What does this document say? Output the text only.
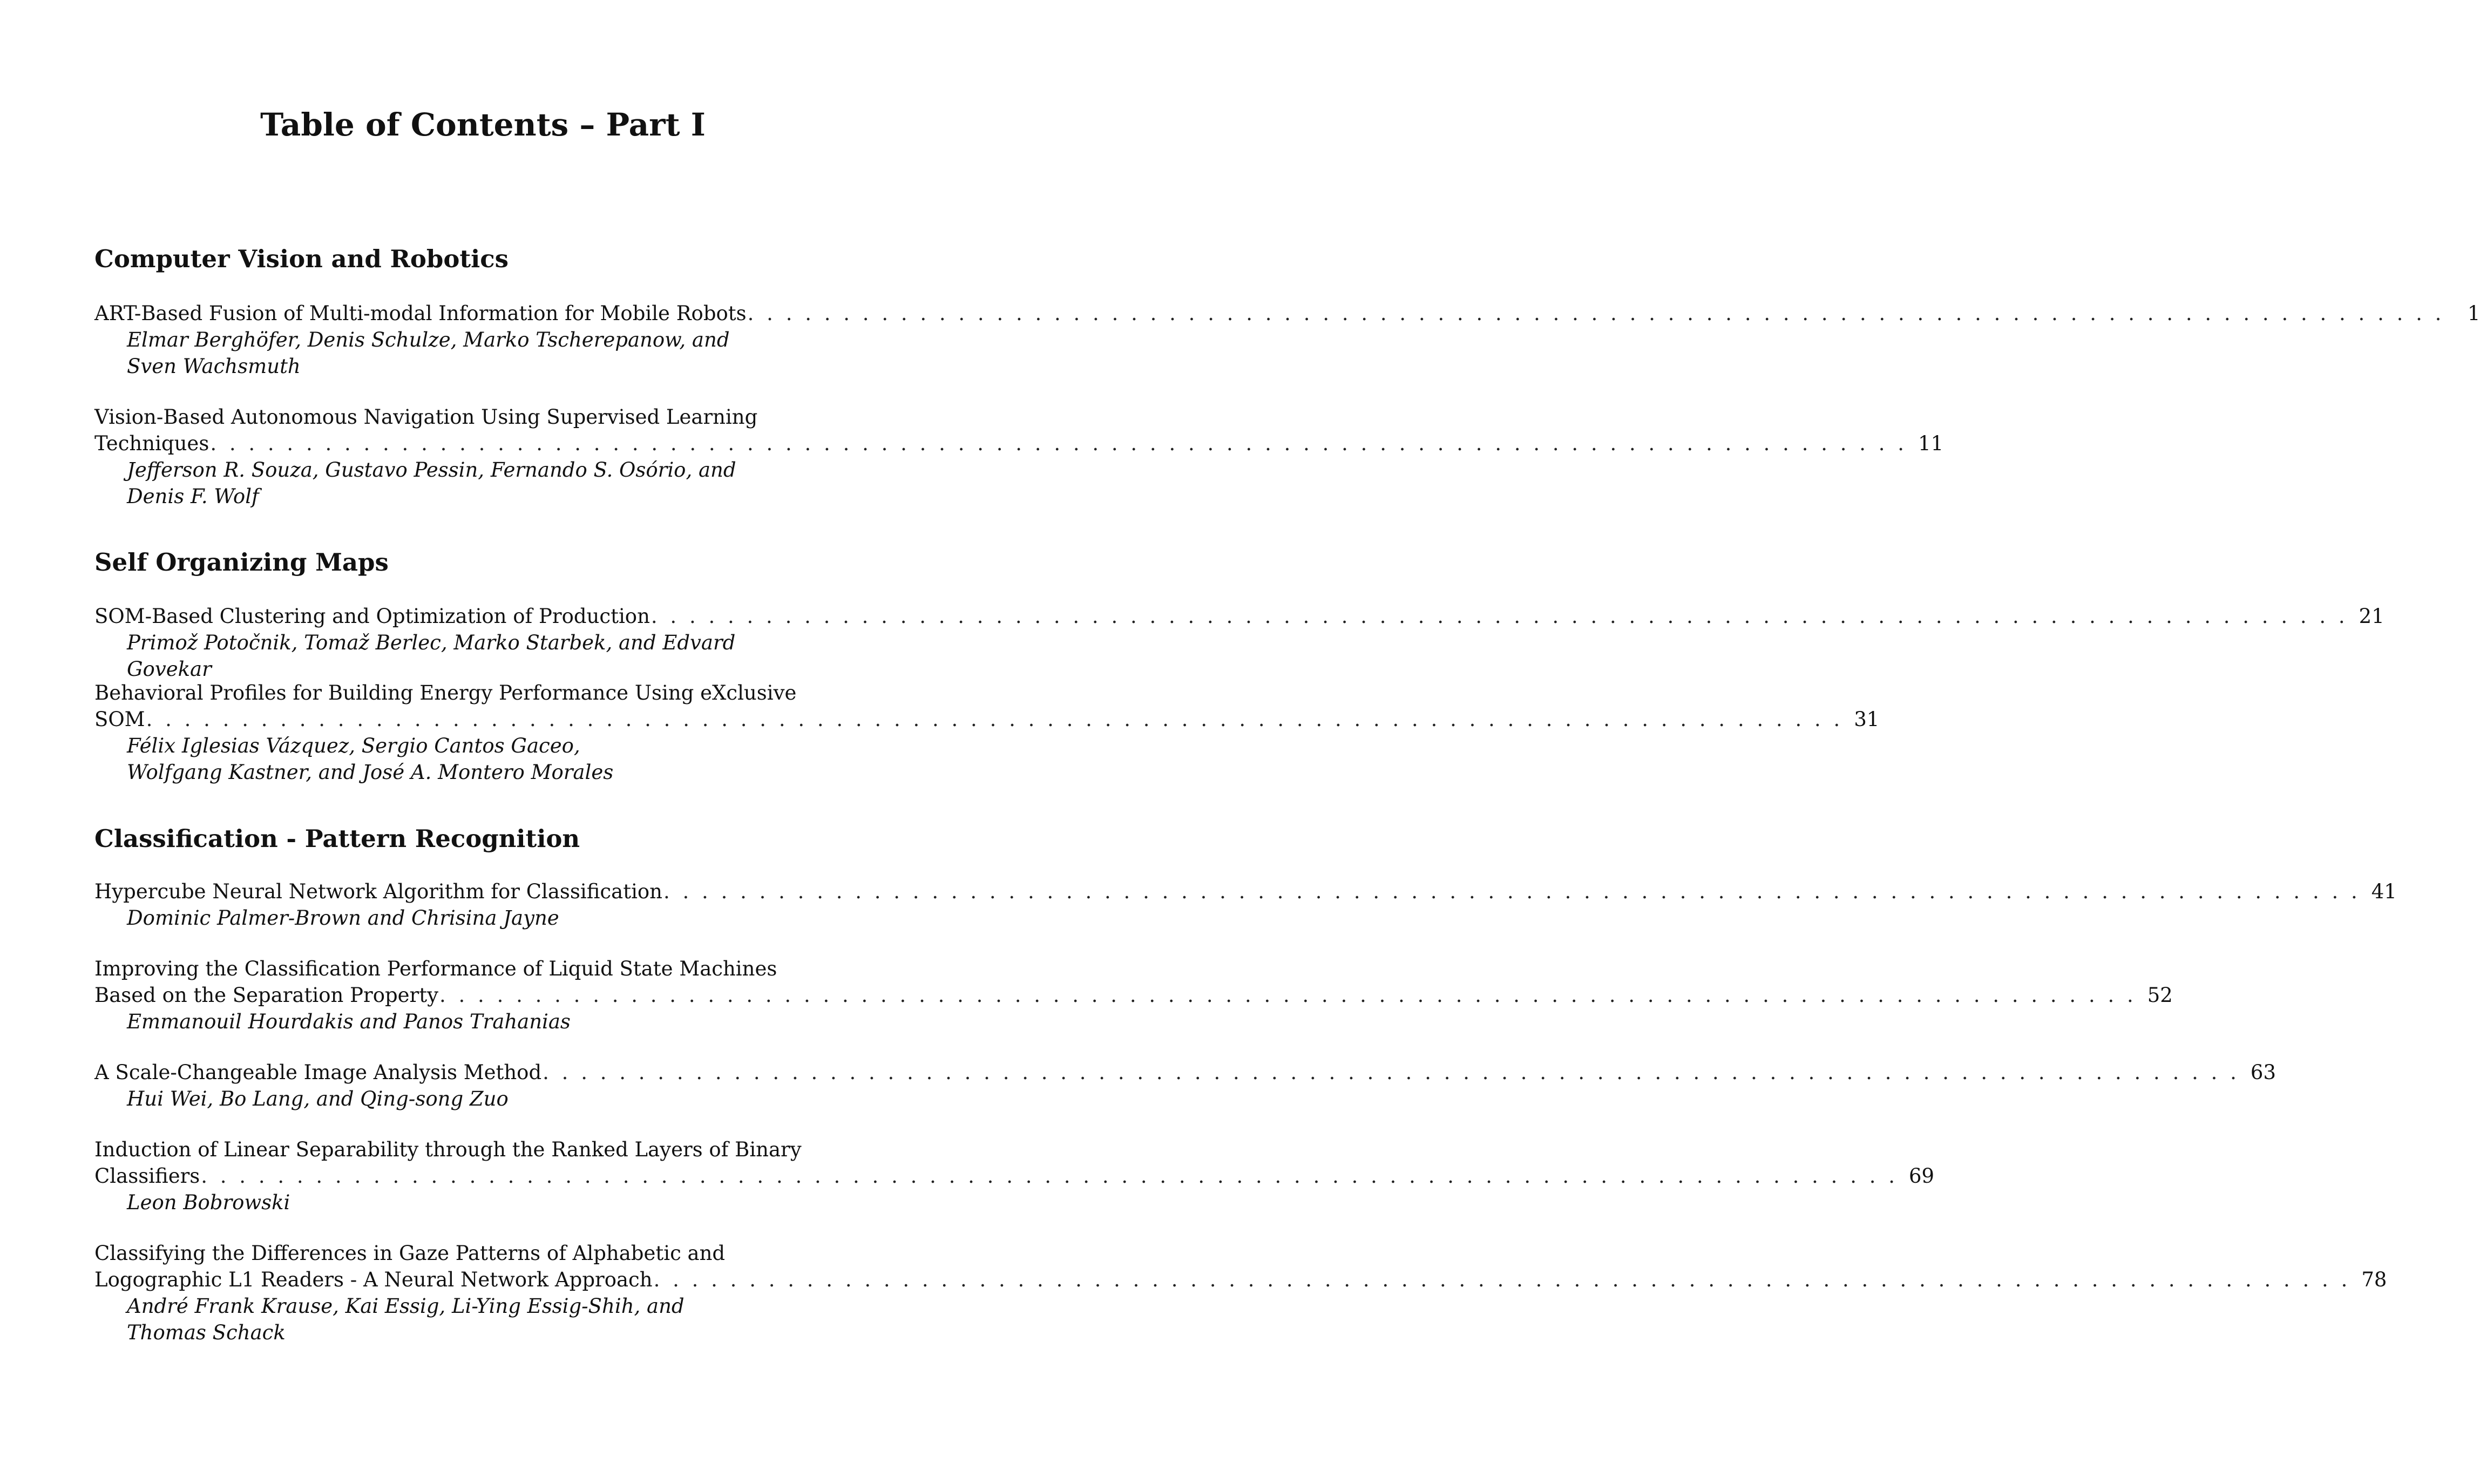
Table of Contents – Part I
Computer Vision and Robotics
ART-Based Fusion of Multi-modal Information for Mobile Robots . . . . . . . . . . . . . . . . . . . . . . . . . . . . . . . . . . . . . . . . . . . . . . . . . . . . . . . . . . . . . . . . . . . . . . . . . . . . . . . . . . . . . . . . .	1
Elmar Berghöfer, Denis Schulze, Marko Tscherepanow, and
Sven Wachsmuth
Vision-Based Autonomous Navigation Using Supervised Learning
Techniques . . . . . . . . . . . . . . . . . . . . . . . . . . . . . . . . . . . . . . . . . . . . . . . . . . . . . . . . . . . . . . . . . . . . . . . . . . . . . . . . . . . . . . . . . 11
Jefferson R. Souza, Gustavo Pessin, Fernando S. Osório, and
Denis F. Wolf
Self Organizing Maps
SOM-Based Clustering and Optimization of Production . . . . . . . . . . . . . . . . . . . . . . . . . . . . . . . . . . . . . . . . . . . . . . . . . . . . . . . . . . . . . . . . . . . . . . . . . . . . . . . . . . . . . . . . . 21
Primož Potočnik, Tomaž Berlec, Marko Starbek, and Edvard Govekar
Behavioral Profiles for Building Energy Performance Using eXclusive
SOM . . . . . . . . . . . . . . . . . . . . . . . . . . . . . . . . . . . . . . . . . . . . . . . . . . . . . . . . . . . . . . . . . . . . . . . . . . . . . . . . . . . . . . . . . 31
Félix Iglesias Vázquez, Sergio Cantos Gaceo,
Wolfgang Kastner, and José A. Montero Morales
Classification - Pattern Recognition
Hypercube Neural Network Algorithm for Classification . . . . . . . . . . . . . . . . . . . . . . . . . . . . . . . . . . . . . . . . . . . . . . . . . . . . . . . . . . . . . . . . . . . . . . . . . . . . . . . . . . . . . . . . . 41
Dominic Palmer-Brown and Chrisina Jayne
Improving the Classification Performance of Liquid State Machines
Based on the Separation Property . . . . . . . . . . . . . . . . . . . . . . . . . . . . . . . . . . . . . . . . . . . . . . . . . . . . . . . . . . . . . . . . . . . . . . . . . . . . . . . . . . . . . . . . . 52
Emmanouil Hourdakis and Panos Trahanias
A Scale-Changeable Image Analysis Method . . . . . . . . . . . . . . . . . . . . . . . . . . . . . . . . . . . . . . . . . . . . . . . . . . . . . . . . . . . . . . . . . . . . . . . . . . . . . . . . . . . . . . . . . 63
Hui Wei, Bo Lang, and Qing-song Zuo
Induction of Linear Separability through the Ranked Layers of Binary
Classifiers . . . . . . . . . . . . . . . . . . . . . . . . . . . . . . . . . . . . . . . . . . . . . . . . . . . . . . . . . . . . . . . . . . . . . . . . . . . . . . . . . . . . . . . . . 69
Leon Bobrowski
Classifying the Differences in Gaze Patterns of Alphabetic and
Logographic L1 Readers - A Neural Network Approach . . . . . . . . . . . . . . . . . . . . . . . . . . . . . . . . . . . . . . . . . . . . . . . . . . . . . . . . . . . . . . . . . . . . . . . . . . . . . . . . . . . . . . . . . 78
André Frank Krause, Kai Essig, Li-Ying Essig-Shih, and
Thomas Schack
